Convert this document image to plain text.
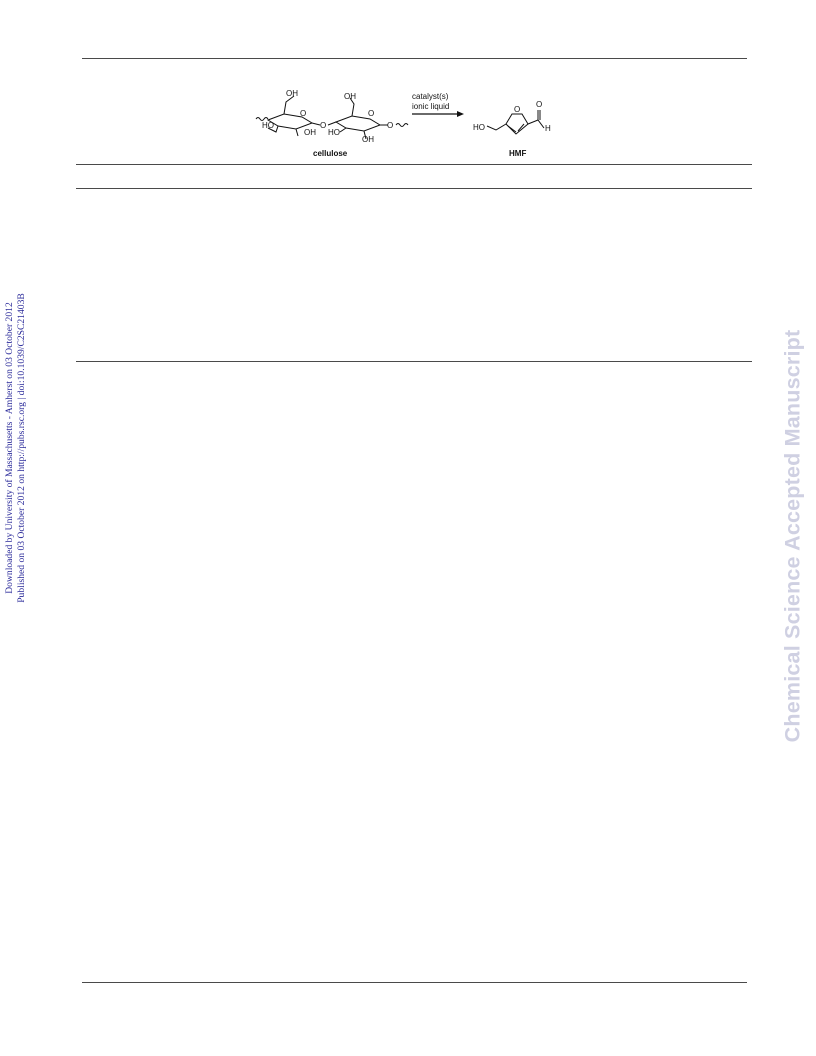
Downloaded by University of Massachusetts - Amherst on 03 October 2012 Published on 03 October 2012 on http://pubs.rsc.org | doi:10.1039/C2SC21403B	Chemical Science Accepted Manuscript
OH
HO
OH
O
O
OH
HO
OH
O
O
cellulose
catalyst(s)
ionic liquid
HO
O
O
H
HMF
